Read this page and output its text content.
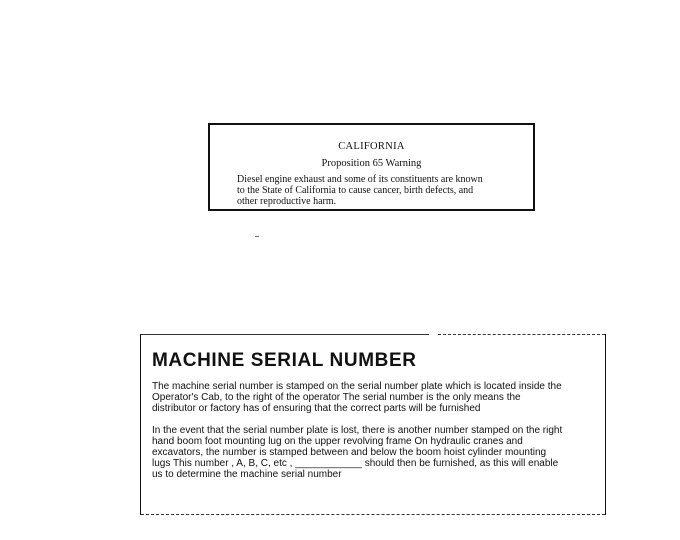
CALIFORNIA
Proposition 65 Warning
Diesel engine exhaust and some of its constituents are known
to the State of California to cause cancer, birth defects, and
other reproductive harm.
MACHINE SERIAL NUMBER
The machine serial number is stamped on the serial number plate which is located inside the
Operator's Cab, to the right of the operator The serial number is the only means the
distributor or factory has of ensuring that the correct parts will be furnished
In the event that the serial number plate is lost, there is another number stamped on the right
hand boom foot mounting lug on the upper revolving frame On hydraulic cranes and
excavators, the number is stamped between and below the boom hoist cylinder mounting
lugs This number , A, B, C, etc , ____________ should then be furnished, as this will enable
us to determine the machine serial number
